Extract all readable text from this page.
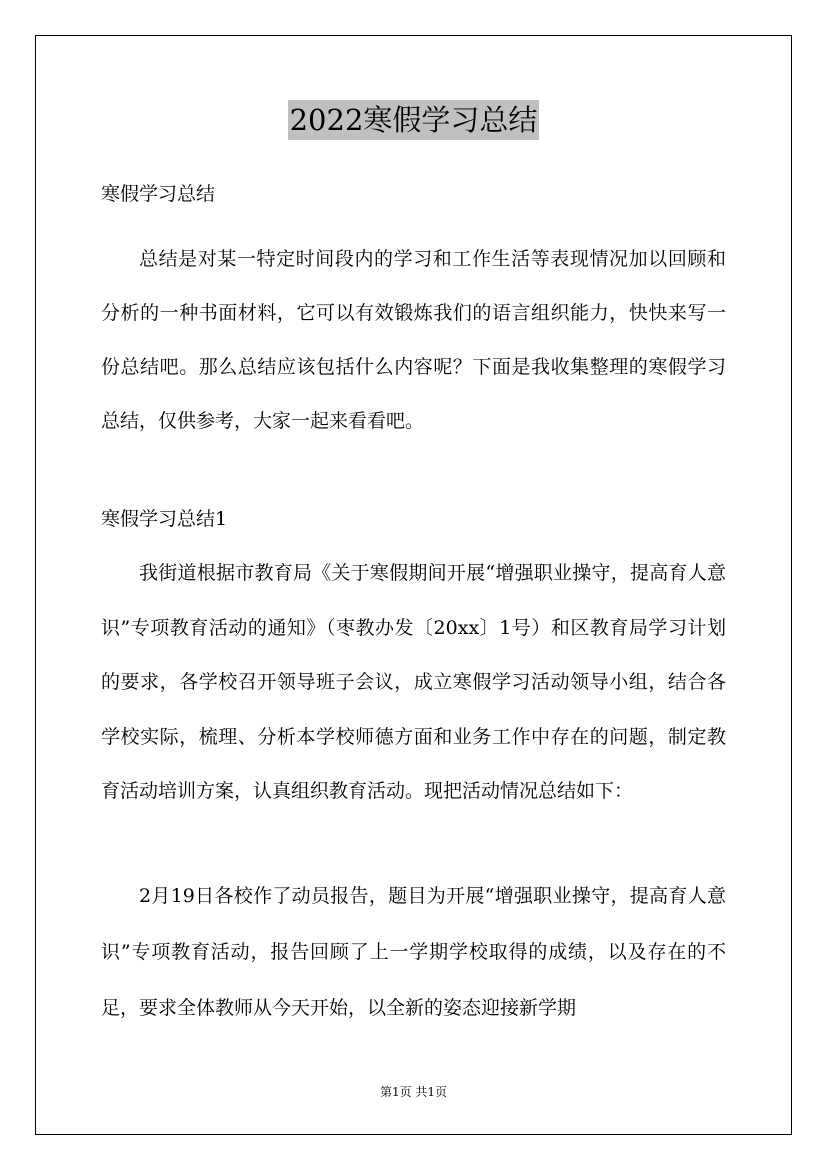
2022寒假学习总结
寒假学习总结
总结是对某一特定时间段内的学习和工作生活等表现情况加以回顾和分析的一种书面材料，它可以有效锻炼我们的语言组织能力，快快来写一份总结吧。那么总结应该包括什么内容呢？下面是我收集整理的寒假学习总结，仅供参考，大家一起来看看吧。
寒假学习总结1
我街道根据市教育局《关于寒假期间开展“增强职业操守，提高育人意识”专项教育活动的通知》（枣教办发〔20xx〕1号）和区教育局学习计划的要求，各学校召开领导班子会议，成立寒假学习活动领导小组，结合各学校实际，梳理、分析本学校师德方面和业务工作中存在的问题，制定教育活动培训方案，认真组织教育活动。现把活动情况总结如下：
2月19日各校作了动员报告，题目为开展“增强职业操守，提高育人意识”专项教育活动，报告回顾了上一学期学校取得的成绩，以及存在的不足，要求全体教师从今天开始，以全新的姿态迎接新学期
第1页 共1页
